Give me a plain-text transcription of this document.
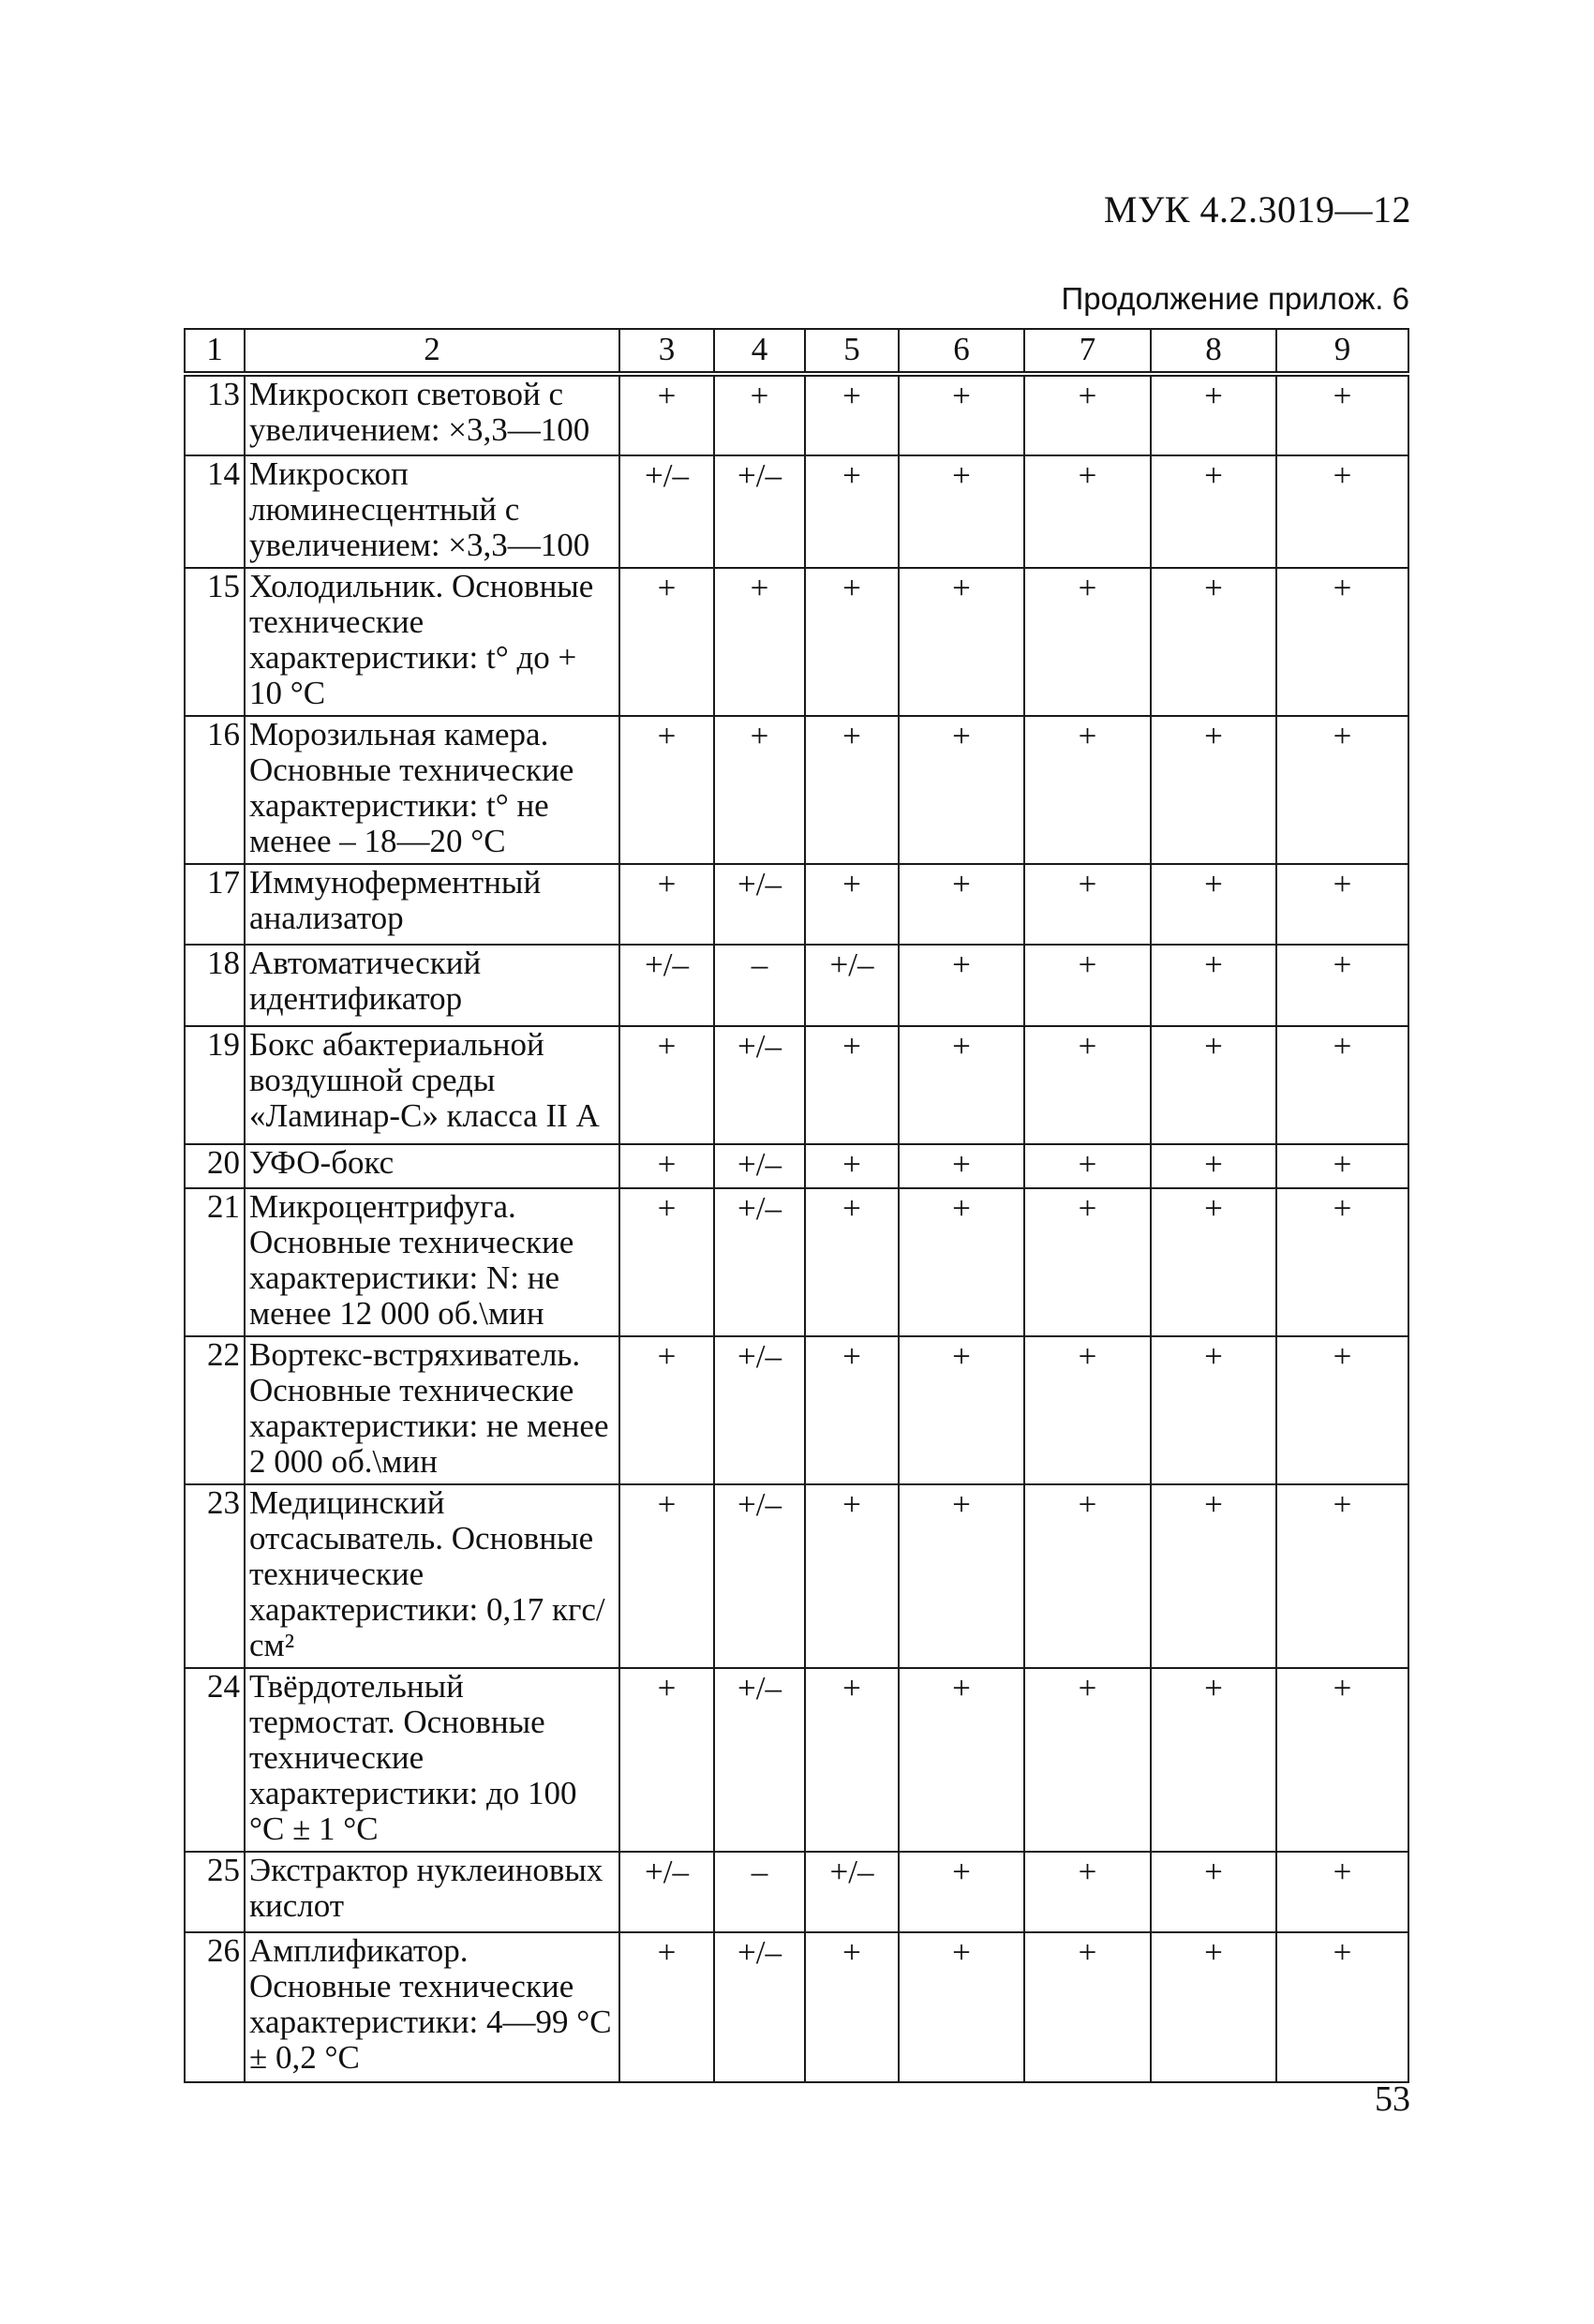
МУК 4.2.3019—12
Продолжение прилож. 6
1	2	3	4	5	6	7	8	9
13	Микроскоп световой с увеличением: ×3,3—100	+	+	+	+	+	+	+
14	Микроскоп люминесцентный с увеличением: ×3,3—100	+/–	+/–	+	+	+	+	+
15	Холодильник. Основные технические характеристики: t° до + 10 °С	+	+	+	+	+	+	+
16	Морозильная камера. Основные технические характеристики: t° не менее – 18—20 °С	+	+	+	+	+	+	+
17	Иммуноферментный анализатор	+	+/–	+	+	+	+	+
18	Автоматический идентификатор	+/–	–	+/–	+	+	+	+
19	Бокс абактериальной воздушной среды «Ламинар-С» класса II А	+	+/–	+	+	+	+	+
20	УФО-бокс	+	+/–	+	+	+	+	+
21	Микроцентрифуга. Основные технические характеристики: N: не менее 12 000 об.\мин	+	+/–	+	+	+	+	+
22	Вортекс-встряхиватель. Основные технические характеристики: не менее 2 000 об.\мин	+	+/–	+	+	+	+	+
23	Медицинский отсасыватель. Основные технические характеристики: 0,17 кгс/см²	+	+/–	+	+	+	+	+
24	Твёрдотельный термостат. Основные технические характеристики: до 100 °С ± 1 °С	+	+/–	+	+	+	+	+
25	Экстрактор нуклеиновых кислот	+/–	–	+/–	+	+	+	+
26	Амплификатор. Основные технические характеристики: 4—99 °С ± 0,2 °С	+	+/–	+	+	+	+	+
53
